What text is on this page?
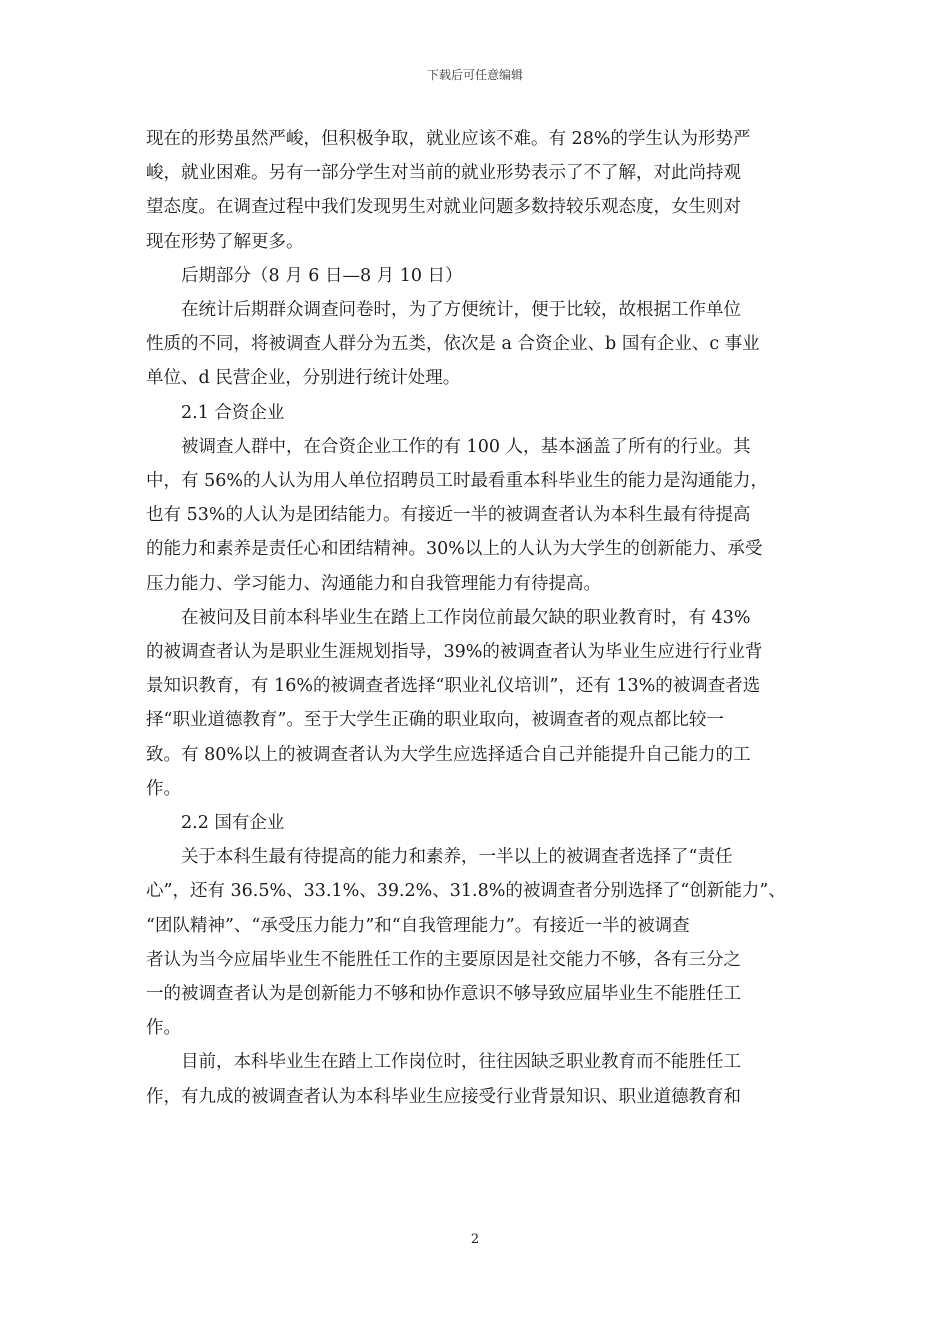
下载后可任意编辑

现在的形势虽然严峻，但积极争取，就业应该不难。有 28%的学生认为形势严
峻，就业困难。另有一部分学生对当前的就业形势表示了不了解，对此尚持观
望态度。在调查过程中我们发现男生对就业问题多数持较乐观态度，女生则对
现在形势了解更多。

后期部分（8 月 6 日—8 月 10 日）

在统计后期群众调查问卷时，为了方便统计，便于比较，故根据工作单位
性质的不同，将被调查人群分为五类，依次是 a 合资企业、b 国有企业、c 事业
单位、d 民营企业，分别进行统计处理。

2.1 合资企业

被调查人群中，在合资企业工作的有 100 人，基本涵盖了所有的行业。其
中，有 56%的人认为用人单位招聘员工时最看重本科毕业生的能力是沟通能力，
也有 53%的人认为是团结能力。有接近一半的被调查者认为本科生最有待提高
的能力和素养是责任心和团结精神。30%以上的人认为大学生的创新能力、承受
压力能力、学习能力、沟通能力和自我管理能力有待提高。

在被问及目前本科毕业生在踏上工作岗位前最欠缺的职业教育时，有 43%
的被调查者认为是职业生涯规划指导，39%的被调查者认为毕业生应进行行业背
景知识教育，有 16%的被调查者选择“职业礼仪培训”，还有 13%的被调查者选
择“职业道德教育”。至于大学生正确的职业取向，被调查者的观点都比较一
致。有 80%以上的被调查者认为大学生应选择适合自己并能提升自己能力的工
作。

2.2 国有企业

关于本科生最有待提高的能力和素养，一半以上的被调查者选择了“责任
心”，还有 36.5%、33.1%、39.2%、31.8%的被调查者分别选择了“创新能力”、
“团队精神”、“承受压力能力”和“自我管理能力”。有接近一半的被调查
者认为当今应届毕业生不能胜任工作的主要原因是社交能力不够，各有三分之
一的被调查者认为是创新能力不够和协作意识不够导致应届毕业生不能胜任工
作。

目前，本科毕业生在踏上工作岗位时，往往因缺乏职业教育而不能胜任工
作，有九成的被调查者认为本科毕业生应接受行业背景知识、职业道德教育和

2
